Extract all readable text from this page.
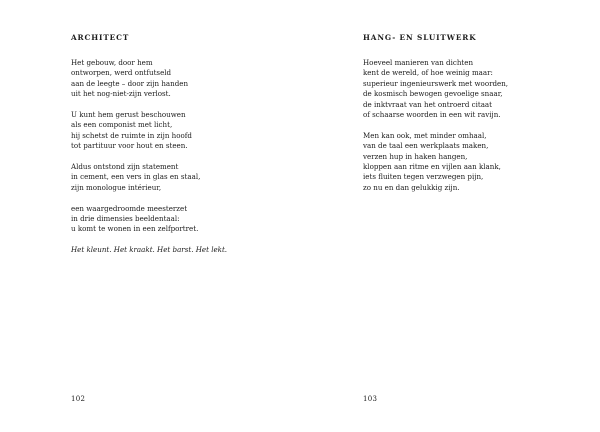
ARCHITECT
Het gebouw, door hem
ontworpen, werd ontfutseld
aan de leegte – door zijn handen
uit het nog-niet-zijn verlost.
U kunt hem gerust beschouwen
als een componist met licht,
hij schetst de ruimte in zijn hoofd
tot partituur voor hout en steen.
Aldus ontstond zijn statement
in cement, een vers in glas en staal,
zijn monologue intérieur,
een waargedroomde meesterzet
in drie dimensies beeldentaal:
u komt te wonen in een zelfportret.
Het kleunt. Het kraakt. Het barst. Het lekt.
102
HANG- EN SLUITWERK
Hoeveel manieren van dichten
kent de wereld, of hoe weinig maar:
superieur ingenieurswerk met woorden,
de kosmisch bewogen gevoelige snaar,
de inktvraat van het ontroerd citaat
of schaarse woorden in een wit ravijn.
Men kan ook, met minder omhaal,
van de taal een werkplaats maken,
verzen hup in haken hangen,
kloppen aan ritme en vijlen aan klank,
iets fluiten tegen verzwegen pijn,
zo nu en dan gelukkig zijn.
103
